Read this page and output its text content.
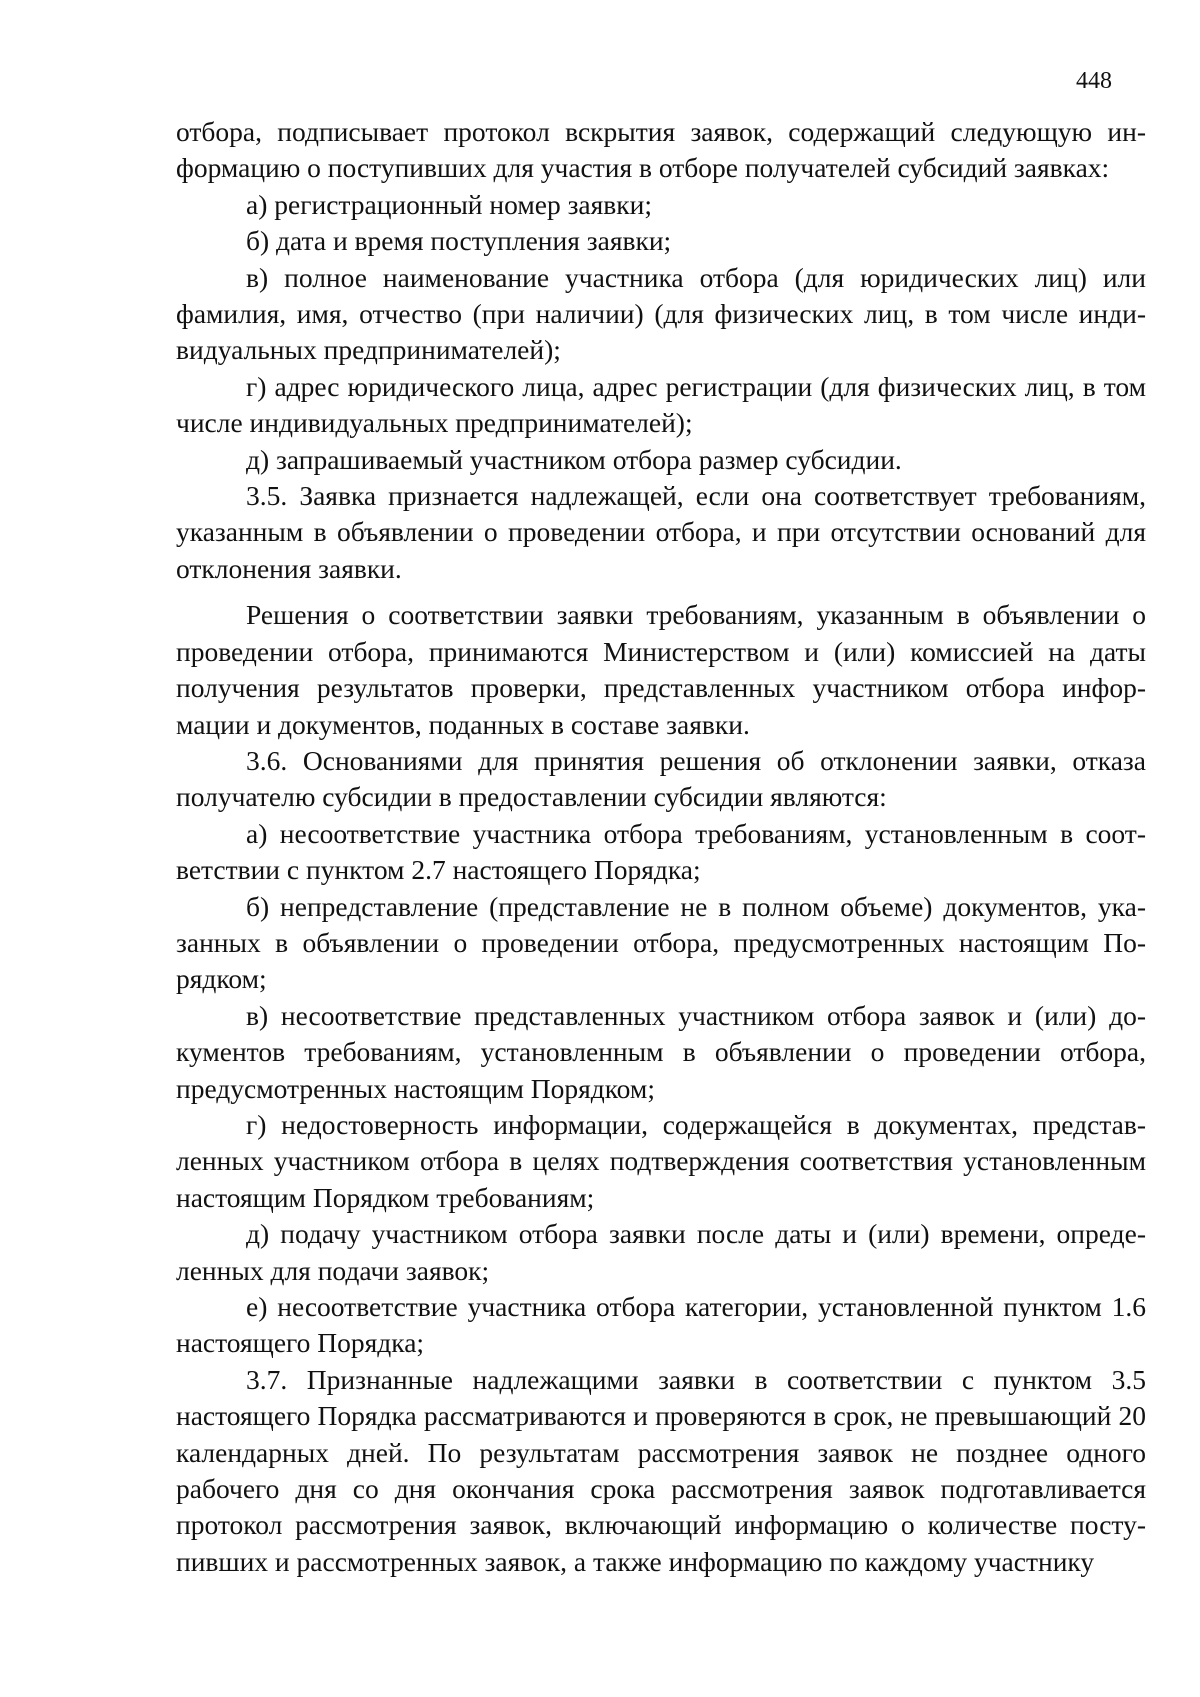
448

отбора, подписывает протокол вскрытия заявок, содержащий следующую информацию о поступивших для участия в отборе получателей субсидий заявках:

а) регистрационный номер заявки;

б) дата и время поступления заявки;

в) полное наименование участника отбора (для юридических лиц) или фамилия, имя, отчество (при наличии) (для физических лиц, в том числе индивидуальных предпринимателей);

г) адрес юридического лица, адрес регистрации (для физических лиц, в том числе индивидуальных предпринимателей);

д) запрашиваемый участником отбора размер субсидии.

3.5. Заявка признается надлежащей, если она соответствует требованиям, указанным в объявлении о проведении отбора, и при отсутствии оснований для отклонения заявки.

Решения о соответствии заявки требованиям, указанным в объявлении о проведении отбора, принимаются Министерством и (или) комиссией на даты получения результатов проверки, представленных участником отбора информации и документов, поданных в составе заявки.

3.6. Основаниями для принятия решения об отклонении заявки, отказа получателю субсидии в предоставлении субсидии являются:

а) несоответствие участника отбора требованиям, установленным в соответствии с пунктом 2.7 настоящего Порядка;

б) непредставление (представление не в полном объеме) документов, указанных в объявлении о проведении отбора, предусмотренных настоящим Порядком;

в) несоответствие представленных участником отбора заявок и (или) документов требованиям, установленным в объявлении о проведении отбора, предусмотренных настоящим Порядком;

г) недостоверность информации, содержащейся в документах, представленных участником отбора в целях подтверждения соответствия установленным настоящим Порядком требованиям;

д) подачу участником отбора заявки после даты и (или) времени, определенных для подачи заявок;

е) несоответствие участника отбора категории, установленной пунктом 1.6 настоящего Порядка;

3.7. Признанные надлежащими заявки в соответствии с пунктом 3.5 настоящего Порядка рассматриваются и проверяются в срок, не превышающий 20 календарных дней. По результатам рассмотрения заявок не позднее одного рабочего дня со дня окончания срока рассмотрения заявок подготавливается протокол рассмотрения заявок, включающий информацию о количестве поступивших и рассмотренных заявок, а также информацию по каждому участнику
